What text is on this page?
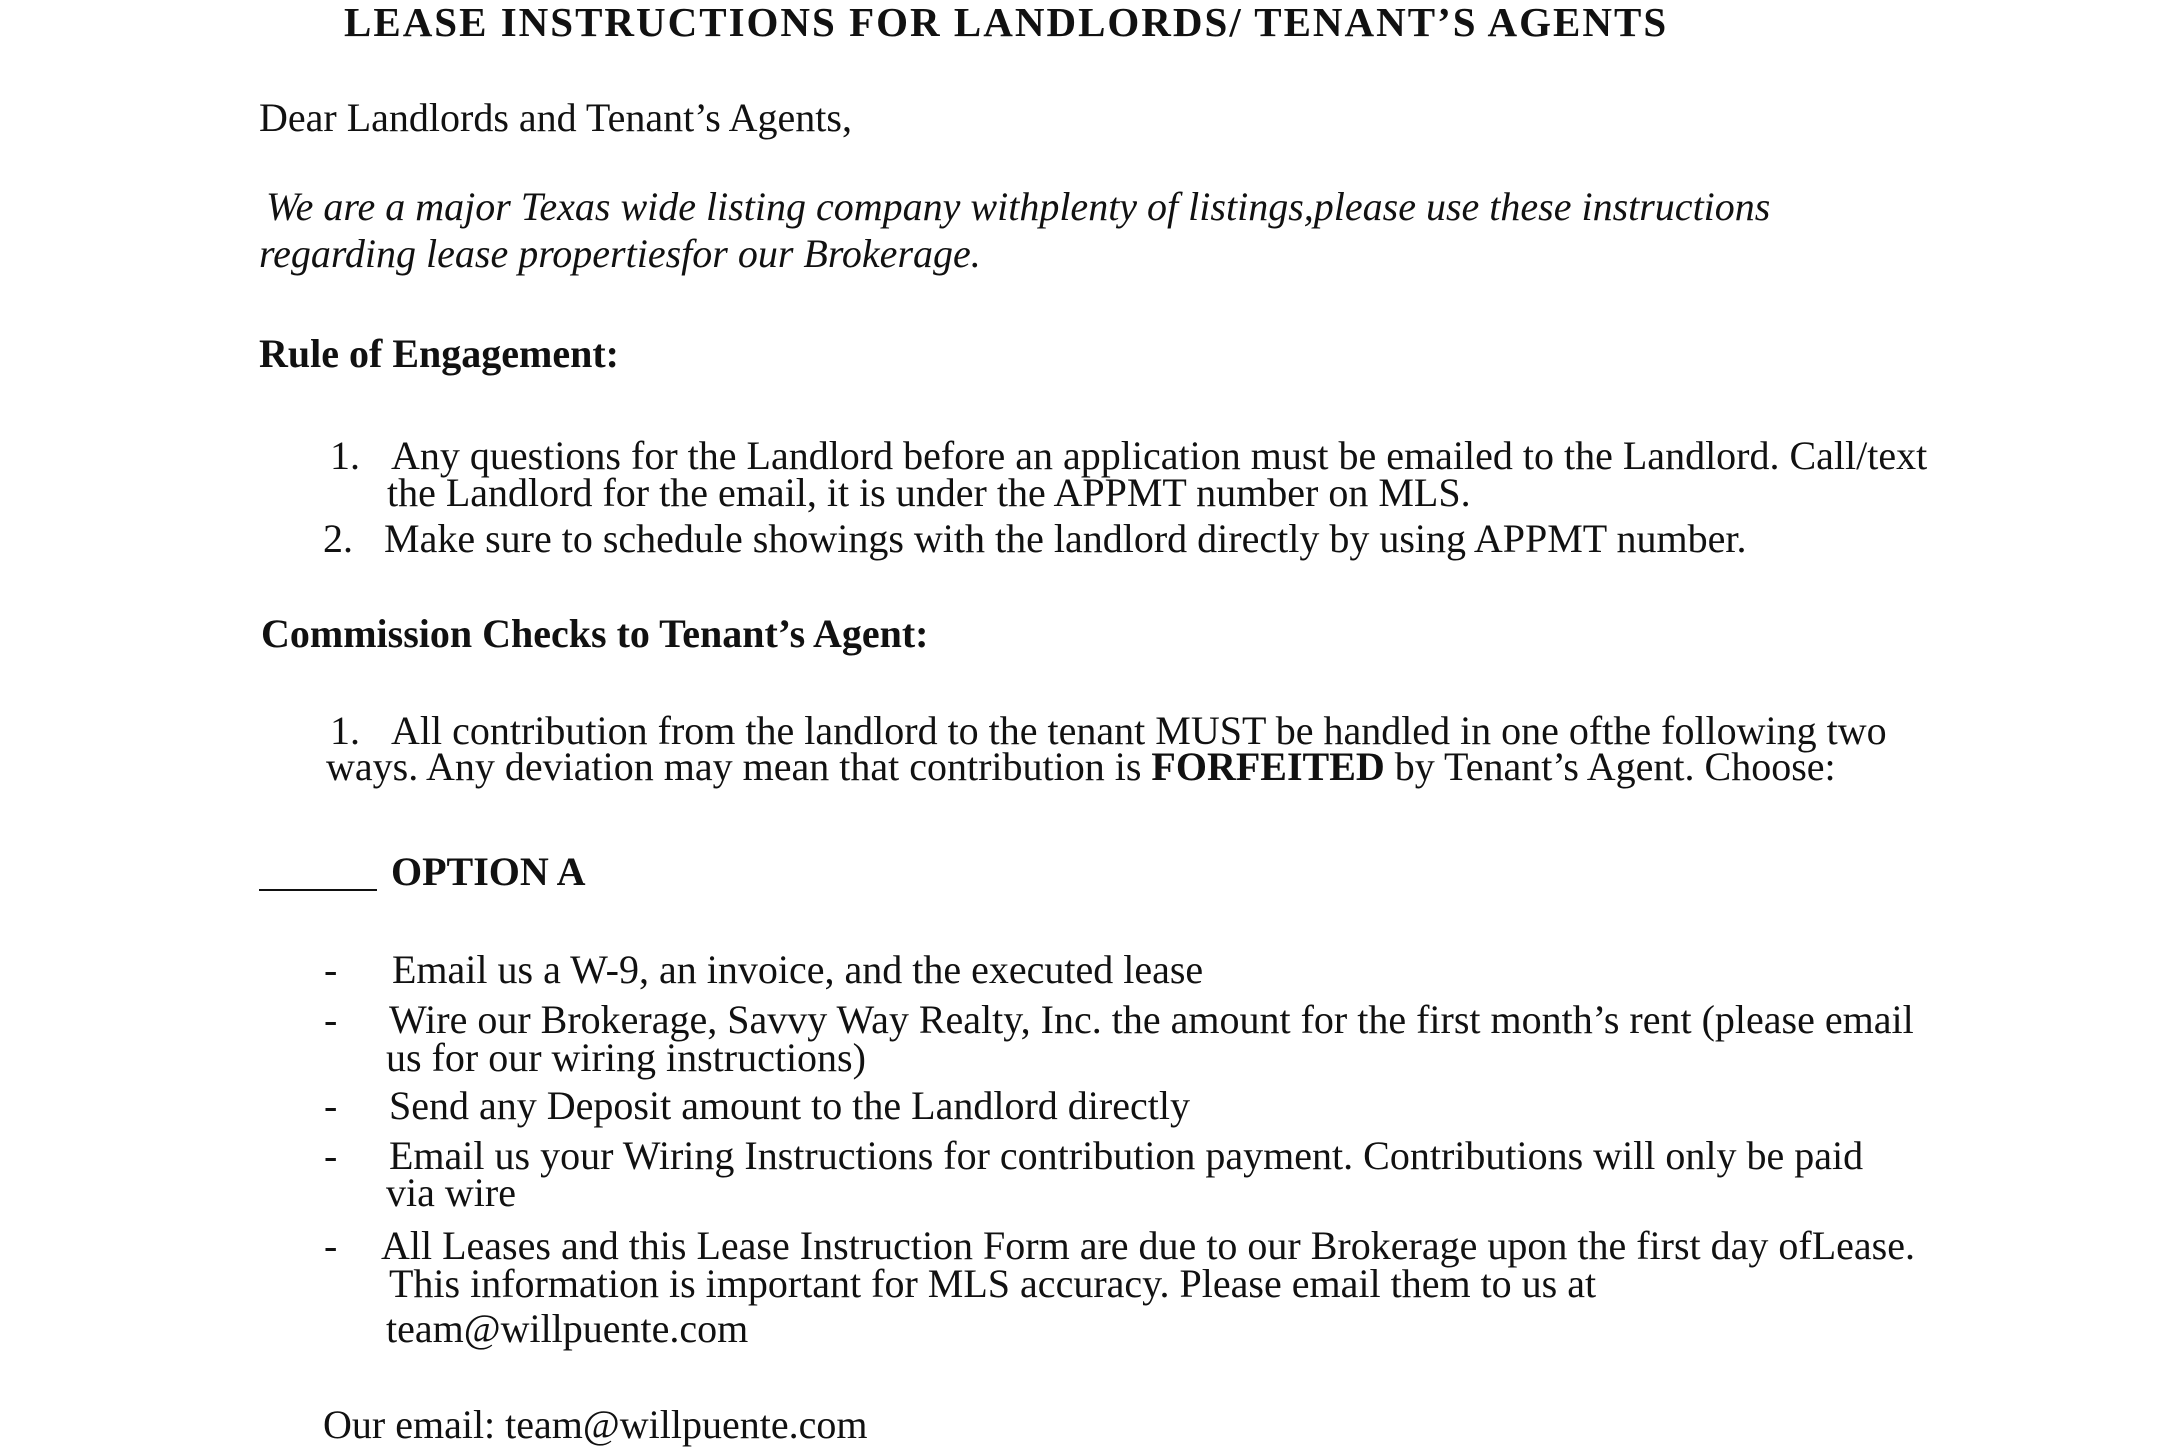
LEASE INSTRUCTIONS FOR LANDLORDS/ TENANT’S AGENTS
Dear Landlords and Tenant’s Agents,
We are a major Texas wide listing company withplenty of listings,please use these instructions
regarding lease propertiesfor our Brokerage.
Rule of Engagement:
1. Any questions for the Landlord before an application must be emailed to the Landlord. Call/text
the Landlord for the email, it is under the APPMT number on MLS.
2. Make sure to schedule showings with the landlord directly by using APPMT number.
Commission Checks to Tenant’s Agent:
1. All contribution from the landlord to the tenant MUST be handled in one ofthe following two
ways. Any deviation may mean that contribution is FORFEITED by Tenant’s Agent. Choose:
OPTION A
- Email us a W-9, an invoice, and the executed lease
- Wire our Brokerage, Savvy Way Realty, Inc. the amount for the first month’s rent (please email
us for our wiring instructions)
- Send any Deposit amount to the Landlord directly
- Email us your Wiring Instructions for contribution payment. Contributions will only be paid
via wire
- All Leases and this Lease Instruction Form are due to our Brokerage upon the first day ofLease.
This information is important for MLS accuracy. Please email them to us at
team@willpuente.com
Our email: team@willpuente.com
